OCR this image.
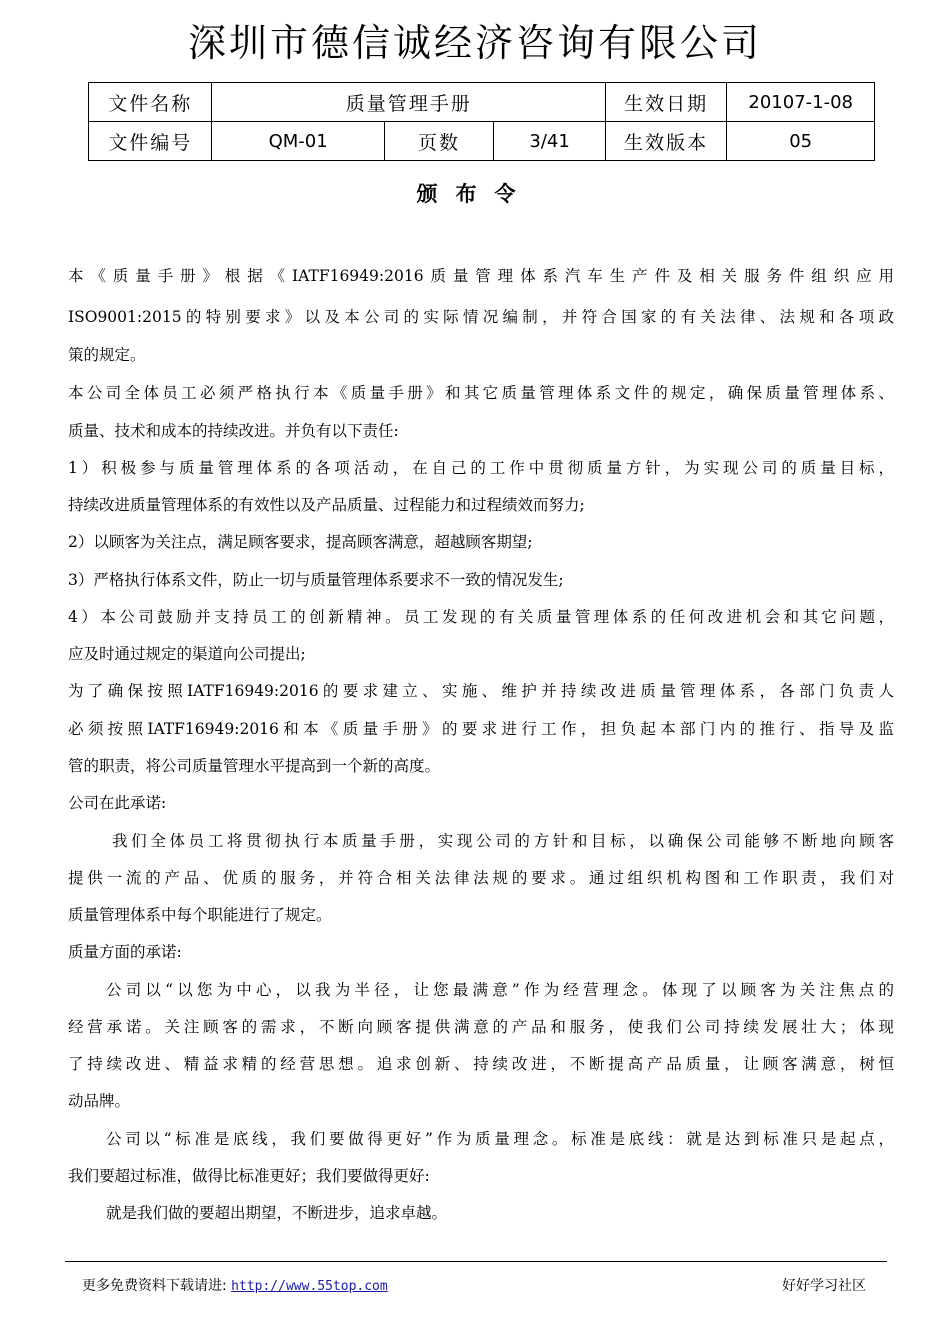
深圳市德信诚经济咨询有限公司
文件名称	质量管理手册			生效日期	20107-1-08
文件编号	QM-01	页数	3/41	生效版本	05
颁布令
本《质量手册》根据《IATF16949:2016质量管理体系汽车生产件及相关服务件组织应用
ISO9001:2015的特别要求》以及本公司的实际情况编制，并符合国家的有关法律、法规和各项政
策的规定。
本公司全体员工必须严格执行本《质量手册》和其它质量管理体系文件的规定，确保质量管理体系、
质量、技术和成本的持续改进。并负有以下责任:
1）积极参与质量管理体系的各项活动，在自己的工作中贯彻质量方针，为实现公司的质量目标，
持续改进质量管理体系的有效性以及产品质量、过程能力和过程绩效而努力;
2）以顾客为关注点，满足顾客要求，提高顾客满意，超越顾客期望;
3）严格执行体系文件，防止一切与质量管理体系要求不一致的情况发生;
4）本公司鼓励并支持员工的创新精神。员工发现的有关质量管理体系的任何改进机会和其它问题，
应及时通过规定的渠道向公司提出;
为了确保按照IATF16949:2016的要求建立、实施、维护并持续改进质量管理体系，各部门负责人
必须按照IATF16949:2016和本《质量手册》的要求进行工作，担负起本部门内的推行、指导及监
管的职责，将公司质量管理水平提高到一个新的高度。
公司在此承诺:
我们全体员工将贯彻执行本质量手册，实现公司的方针和目标，以确保公司能够不断地向顾客
提供一流的产品、优质的服务，并符合相关法律法规的要求。通过组织机构图和工作职责，我们对
质量管理体系中每个职能进行了规定。
质量方面的承诺:
公司以“以您为中心，以我为半径，让您最满意”作为经营理念。体现了以顾客为关注焦点的
经营承诺。关注顾客的需求，不断向顾客提供满意的产品和服务，使我们公司持续发展壮大；体现
了持续改进、精益求精的经营思想。追求创新、持续改进，不断提高产品质量，让顾客满意，树恒
动品牌。
公司以“标准是底线，我们要做得更好”作为质量理念。标准是底线：就是达到标准只是起点，
我们要超过标准，做得比标准更好；我们要做得更好:
就是我们做的要超出期望，不断进步，追求卓越。
更多免费资料下载请进: http://www.55top.com	好好学习社区
